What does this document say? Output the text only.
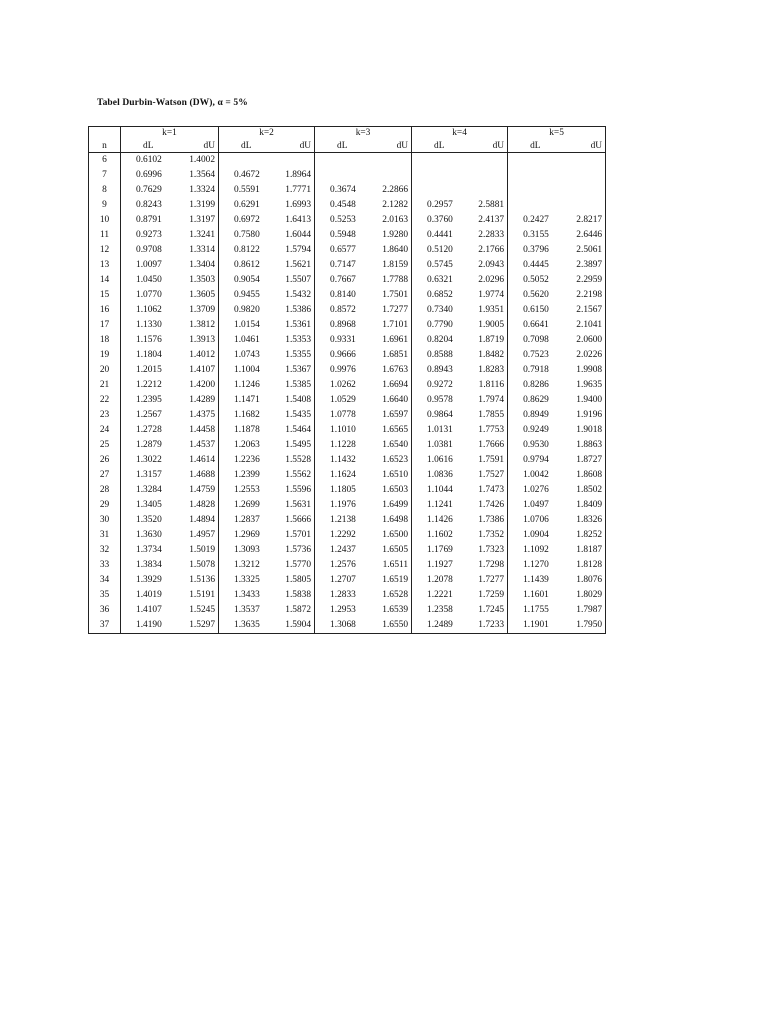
Tabel Durbin-Watson (DW), α = 5%
	k=1		k=2		k=3		k=4		k=5	
n	dL	dU	dL	dU	dL	dU	dL	dU	dL	dU
6	0.6102	1.4002								
7	0.6996	1.3564	0.4672	1.8964						
8	0.7629	1.3324	0.5591	1.7771	0.3674	2.2866				
9	0.8243	1.3199	0.6291	1.6993	0.4548	2.1282	0.2957	2.5881		
10	0.8791	1.3197	0.6972	1.6413	0.5253	2.0163	0.3760	2.4137	0.2427	2.8217
11	0.9273	1.3241	0.7580	1.6044	0.5948	1.9280	0.4441	2.2833	0.3155	2.6446
12	0.9708	1.3314	0.8122	1.5794	0.6577	1.8640	0.5120	2.1766	0.3796	2.5061
13	1.0097	1.3404	0.8612	1.5621	0.7147	1.8159	0.5745	2.0943	0.4445	2.3897
14	1.0450	1.3503	0.9054	1.5507	0.7667	1.7788	0.6321	2.0296	0.5052	2.2959
15	1.0770	1.3605	0.9455	1.5432	0.8140	1.7501	0.6852	1.9774	0.5620	2.2198
16	1.1062	1.3709	0.9820	1.5386	0.8572	1.7277	0.7340	1.9351	0.6150	2.1567
17	1.1330	1.3812	1.0154	1.5361	0.8968	1.7101	0.7790	1.9005	0.6641	2.1041
18	1.1576	1.3913	1.0461	1.5353	0.9331	1.6961	0.8204	1.8719	0.7098	2.0600
19	1.1804	1.4012	1.0743	1.5355	0.9666	1.6851	0.8588	1.8482	0.7523	2.0226
20	1.2015	1.4107	1.1004	1.5367	0.9976	1.6763	0.8943	1.8283	0.7918	1.9908
21	1.2212	1.4200	1.1246	1.5385	1.0262	1.6694	0.9272	1.8116	0.8286	1.9635
22	1.2395	1.4289	1.1471	1.5408	1.0529	1.6640	0.9578	1.7974	0.8629	1.9400
23	1.2567	1.4375	1.1682	1.5435	1.0778	1.6597	0.9864	1.7855	0.8949	1.9196
24	1.2728	1.4458	1.1878	1.5464	1.1010	1.6565	1.0131	1.7753	0.9249	1.9018
25	1.2879	1.4537	1.2063	1.5495	1.1228	1.6540	1.0381	1.7666	0.9530	1.8863
26	1.3022	1.4614	1.2236	1.5528	1.1432	1.6523	1.0616	1.7591	0.9794	1.8727
27	1.3157	1.4688	1.2399	1.5562	1.1624	1.6510	1.0836	1.7527	1.0042	1.8608
28	1.3284	1.4759	1.2553	1.5596	1.1805	1.6503	1.1044	1.7473	1.0276	1.8502
29	1.3405	1.4828	1.2699	1.5631	1.1976	1.6499	1.1241	1.7426	1.0497	1.8409
30	1.3520	1.4894	1.2837	1.5666	1.2138	1.6498	1.1426	1.7386	1.0706	1.8326
31	1.3630	1.4957	1.2969	1.5701	1.2292	1.6500	1.1602	1.7352	1.0904	1.8252
32	1.3734	1.5019	1.3093	1.5736	1.2437	1.6505	1.1769	1.7323	1.1092	1.8187
33	1.3834	1.5078	1.3212	1.5770	1.2576	1.6511	1.1927	1.7298	1.1270	1.8128
34	1.3929	1.5136	1.3325	1.5805	1.2707	1.6519	1.2078	1.7277	1.1439	1.8076
35	1.4019	1.5191	1.3433	1.5838	1.2833	1.6528	1.2221	1.7259	1.1601	1.8029
36	1.4107	1.5245	1.3537	1.5872	1.2953	1.6539	1.2358	1.7245	1.1755	1.7987
37	1.4190	1.5297	1.3635	1.5904	1.3068	1.6550	1.2489	1.7233	1.1901	1.7950
